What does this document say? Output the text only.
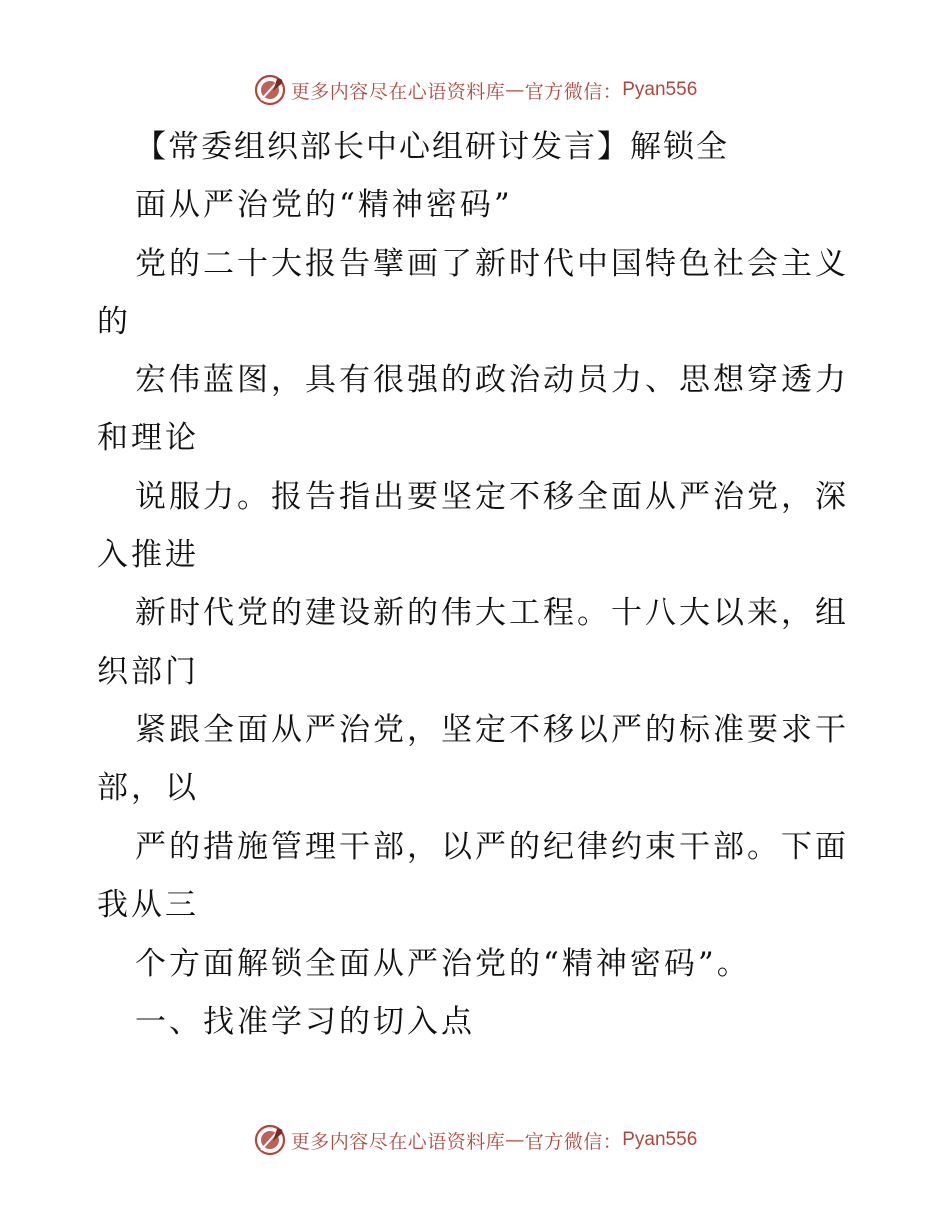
更多内容尽在心语资料库 — 官方微信： Pyan556
【常委组织部长中心组研讨发言】解锁全
面从严治党的“精神密码”
党的二十大报告擘画了新时代中国特色社会主义
的
宏伟蓝图，具有很强的政治动员力、思想穿透力
和理论
说服力。报告指出要坚定不移全面从严治党，深
入推进
新时代党的建设新的伟大工程。十八大以来，组
织部门
紧跟全面从严治党，坚定不移以严的标准要求干
部，以
严的措施管理干部，以严的纪律约束干部。下面
我从三
个方面解锁全面从严治党的“精神密码”。
一、找准学习的切入点
更多内容尽在心语资料库 — 官方微信： Pyan556
